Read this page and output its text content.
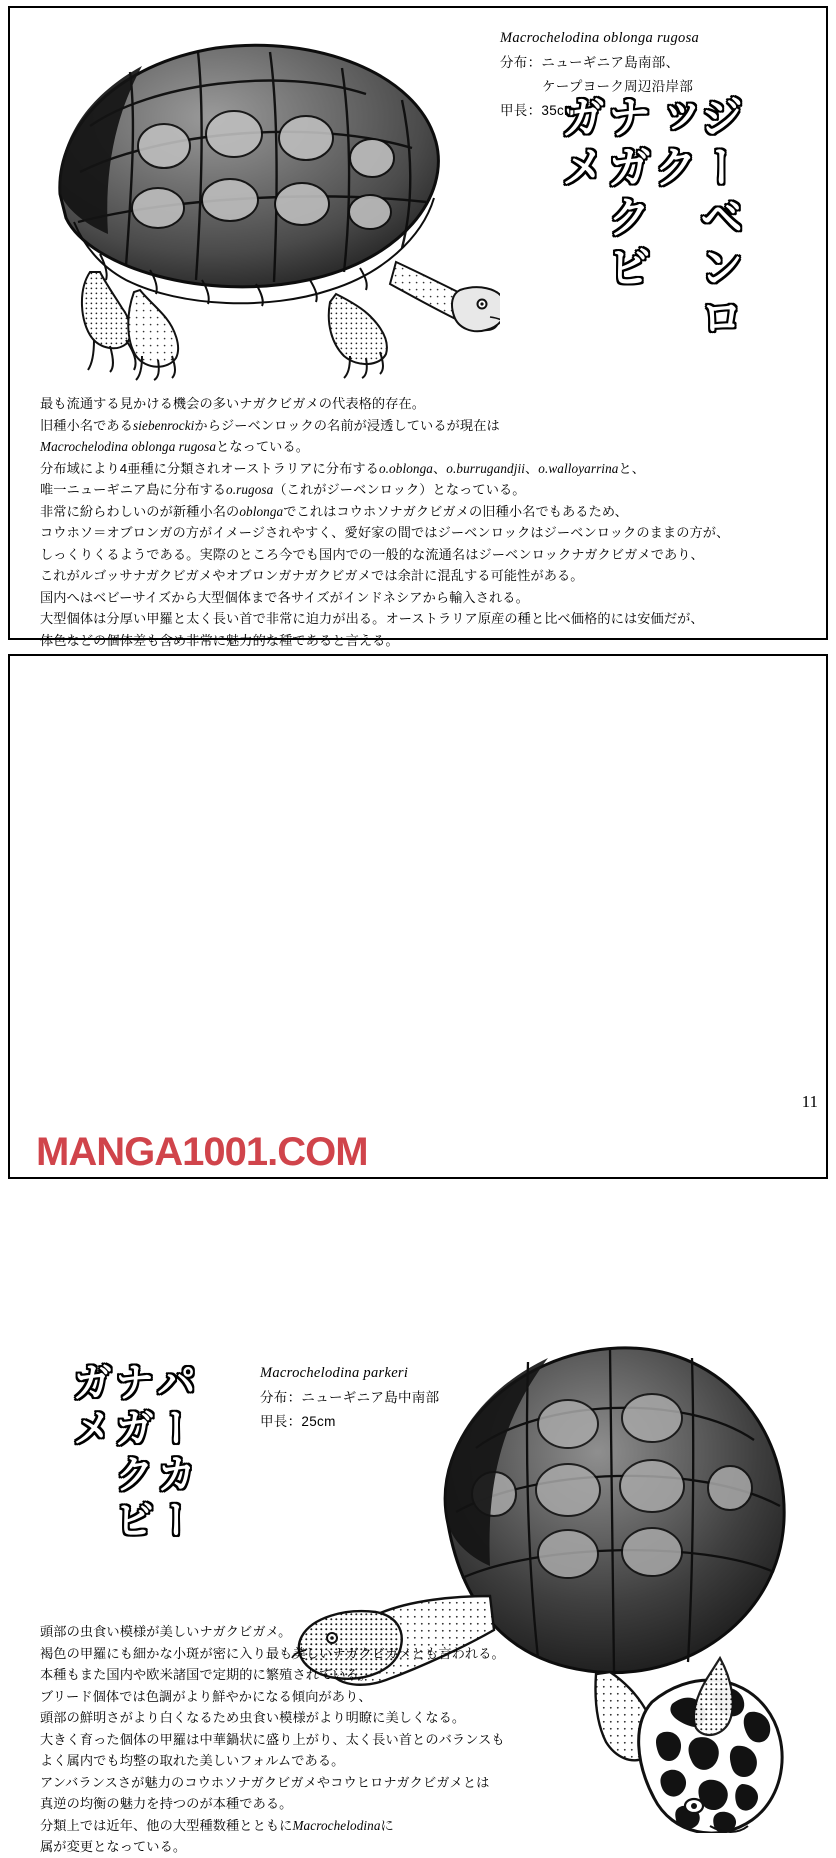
ジーベンロック
ナガクビ
ガメ
Macrochelodina oblonga rugosa
分布：ニューギニア島南部、
ケープヨーク周辺沿岸部
甲長：35cm
最も流通する見かける機会の多いナガクビガメの代表格的存在。
旧種小名であるsiebenrockiからジーベンロックの名前が浸透しているが現在は
Macrochelodina oblonga rugosaとなっている。
分布域により4亜種に分類されオーストラリアに分布するo.oblonga、o.burrugandjii、o.walloyarrinaと、
唯一ニューギニア島に分布するo.rugosa（これがジーベンロック）となっている。
非常に紛らわしいのが新種小名のoblongaでこれはコウホソナガクビガメの旧種小名でもあるため、
コウホソ＝オブロンガの方がイメージされやすく、愛好家の間ではジーベンロックはジーベンロックのままの方が、
しっくりくるようである。実際のところ今でも国内での一般的な流通名はジーベンロックナガクビガメであり、
これがルゴッサナガクビガメやオブロンガナガクビガメでは余計に混乱する可能性がある。
国内へはベビーサイズから大型個体まで各サイズがインドネシアから輸入される。
大型個体は分厚い甲羅と太く長い首で非常に迫力が出る。オーストラリア原産の種と比べ価格的には安価だが、
体色などの個体差も含め非常に魅力的な種であると言える。
パーカー
ナガクビ
ガメ	Macrochelodina parkeri
分布：ニューギニア島中南部
甲長：25cm
頭部の虫食い模様が美しいナガクビガメ。
褐色の甲羅にも細かな小斑が密に入り最も美しいナガクビガメとも言われる。
本種もまた国内や欧米諸国で定期的に繁殖されている。
ブリード個体では色調がより鮮やかになる傾向があり、
頭部の鮮明さがより白くなるため虫食い模様がより明瞭に美しくなる。
大きく育った個体の甲羅は中華鍋状に盛り上がり、太く長い首とのバランスも
よく属内でも均整の取れた美しいフォルムである。
アンバランスさが魅力のコウホソナガクビガメやコウヒロナガクビガメとは
真逆の均衡の魅力を持つのが本種である。
分類上では近年、他の大型種数種とともにMacrochelodinaに
属が変更となっている。
11
MANGA1001.COM
